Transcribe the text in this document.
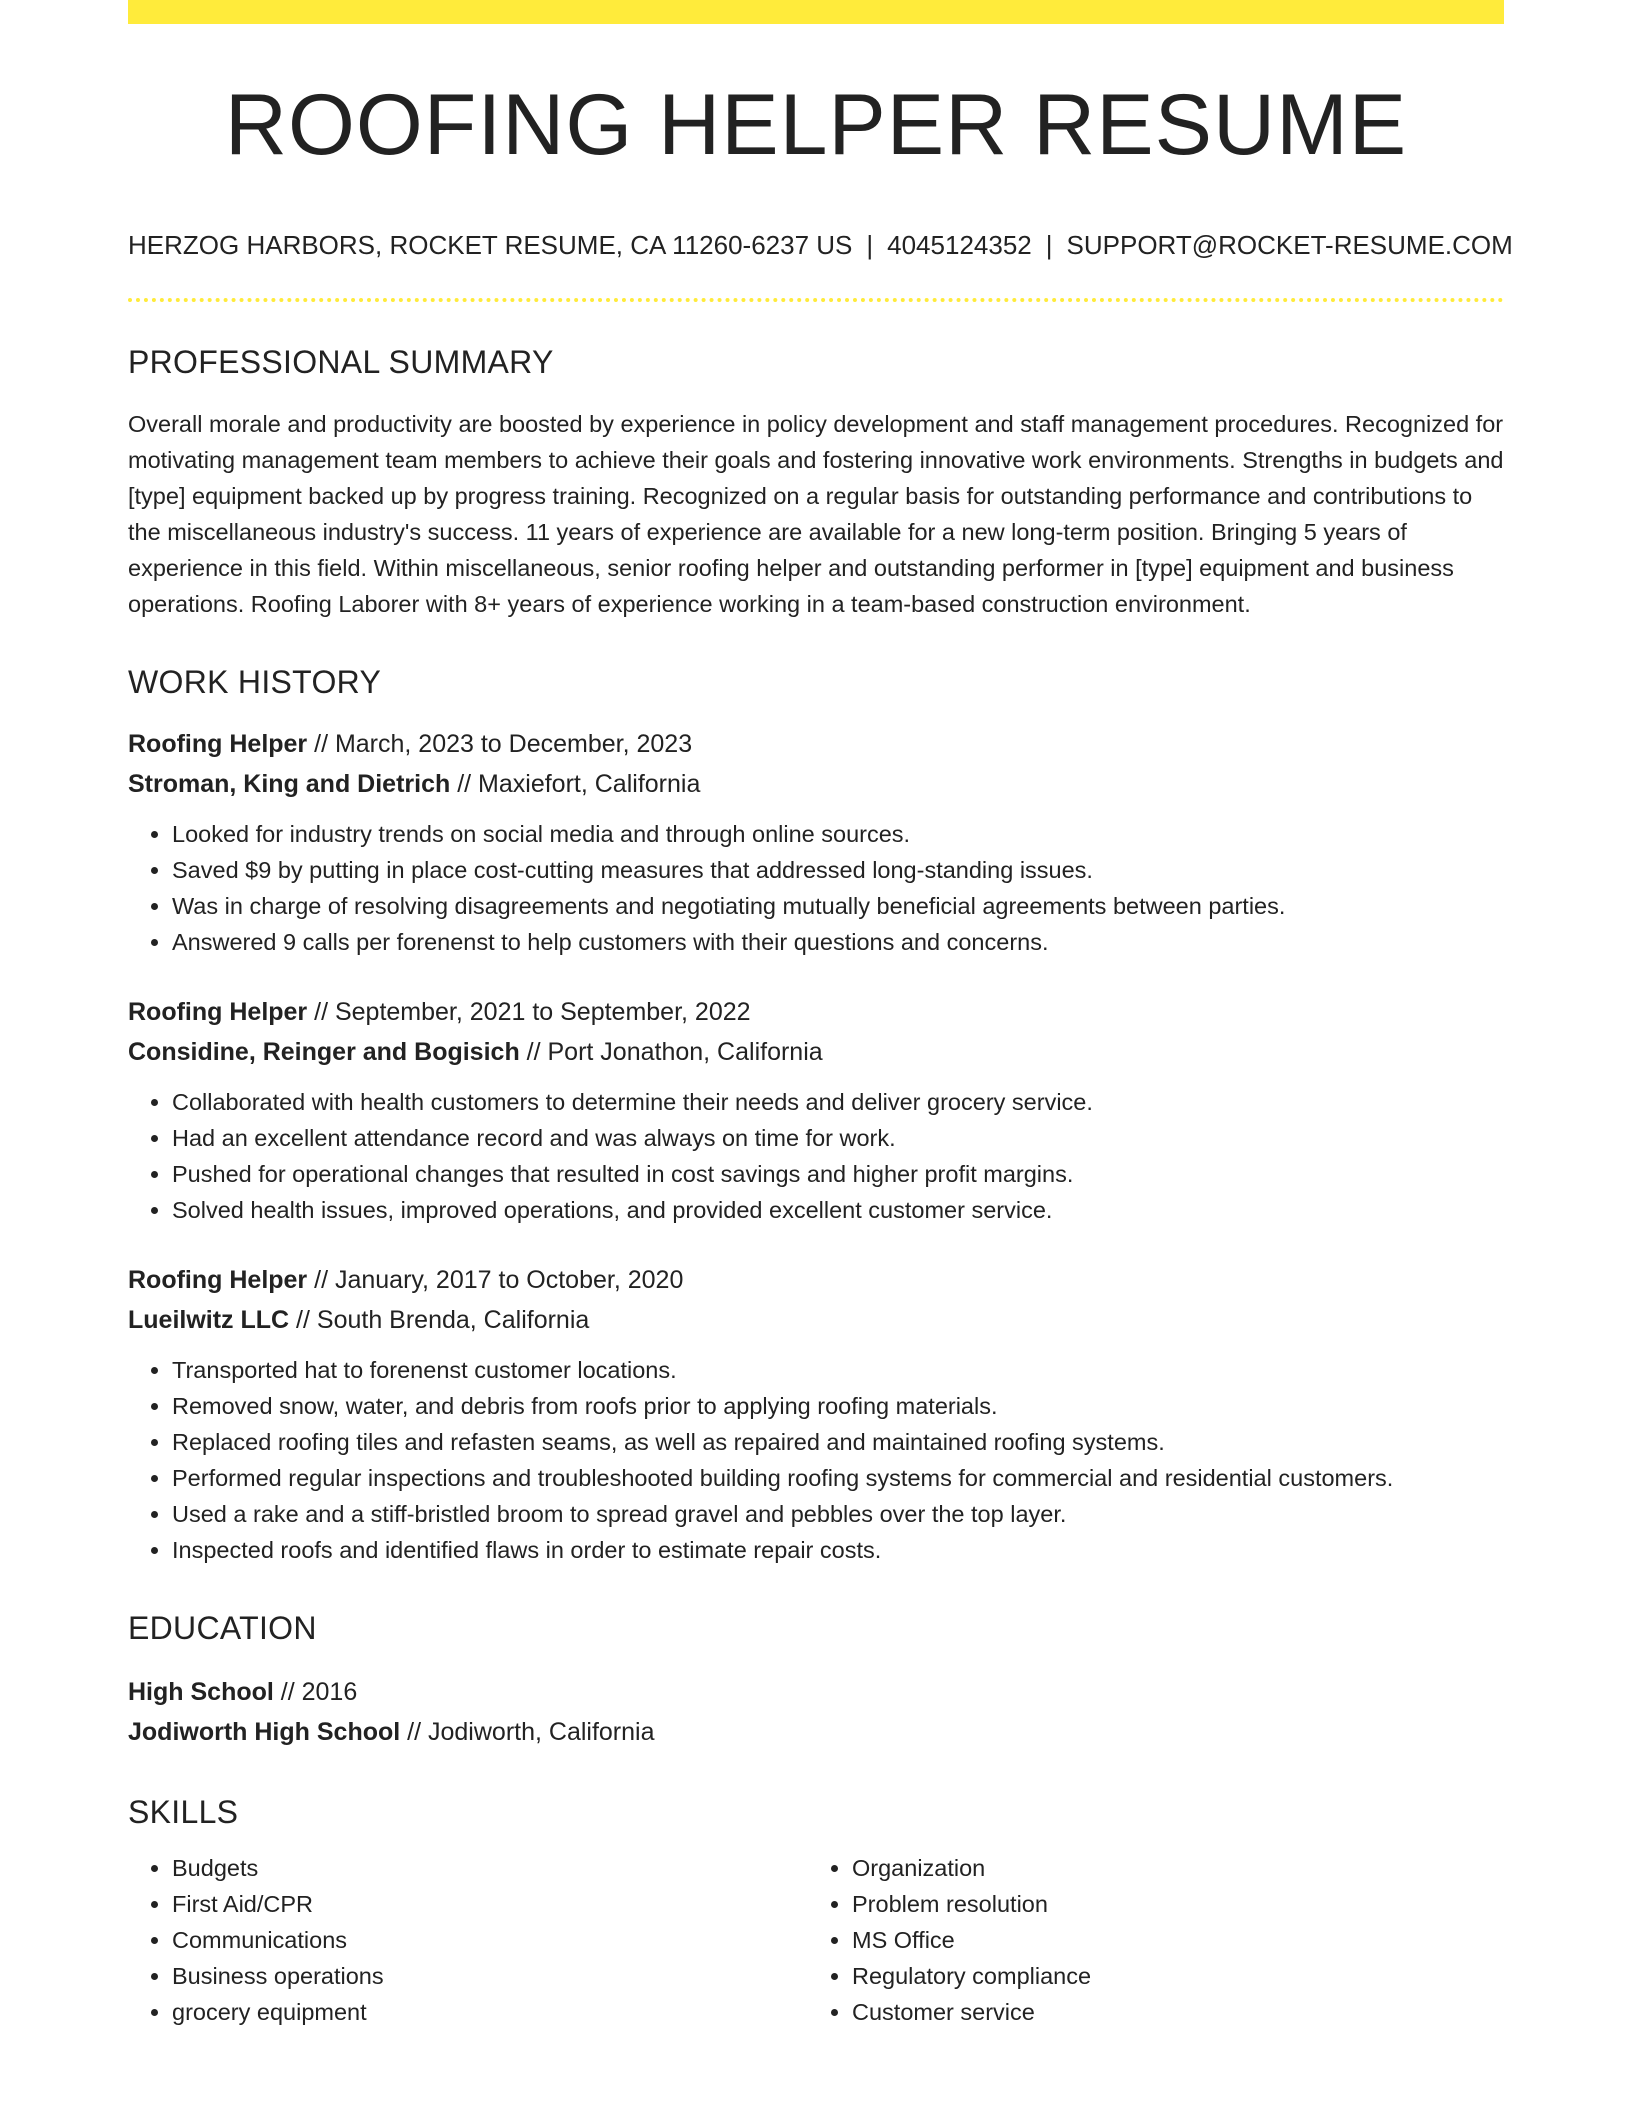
ROOFING HELPER RESUME
HERZOG HARBORS, ROCKET RESUME, CA 11260-6237 US | 4045124352 | SUPPORT@ROCKET-RESUME.COM
PROFESSIONAL SUMMARY
Overall morale and productivity are boosted by experience in policy development and staff management procedures. Recognized for motivating management team members to achieve their goals and fostering innovative work environments. Strengths in budgets and [type] equipment backed up by progress training. Recognized on a regular basis for outstanding performance and contributions to the miscellaneous industry's success. 11 years of experience are available for a new long-term position. Bringing 5 years of experience in this field. Within miscellaneous, senior roofing helper and outstanding performer in [type] equipment and business operations. Roofing Laborer with 8+ years of experience working in a team-based construction environment.
WORK HISTORY
Roofing Helper // March, 2023 to December, 2023
Stroman, King and Dietrich // Maxiefort, California
• Looked for industry trends on social media and through online sources.
• Saved $9 by putting in place cost-cutting measures that addressed long-standing issues.
• Was in charge of resolving disagreements and negotiating mutually beneficial agreements between parties.
• Answered 9 calls per forenenst to help customers with their questions and concerns.
Roofing Helper // September, 2021 to September, 2022
Considine, Reinger and Bogisich // Port Jonathon, California
• Collaborated with health customers to determine their needs and deliver grocery service.
• Had an excellent attendance record and was always on time for work.
• Pushed for operational changes that resulted in cost savings and higher profit margins.
• Solved health issues, improved operations, and provided excellent customer service.
Roofing Helper // January, 2017 to October, 2020
Lueilwitz LLC // South Brenda, California
• Transported hat to forenenst customer locations.
• Removed snow, water, and debris from roofs prior to applying roofing materials.
• Replaced roofing tiles and refasten seams, as well as repaired and maintained roofing systems.
• Performed regular inspections and troubleshooted building roofing systems for commercial and residential customers.
• Used a rake and a stiff-bristled broom to spread gravel and pebbles over the top layer.
• Inspected roofs and identified flaws in order to estimate repair costs.
EDUCATION
High School // 2016
Jodiworth High School // Jodiworth, California
SKILLS
• Budgets
• First Aid/CPR
• Communications
• Business operations
• grocery equipment
• Organization
• Problem resolution
• MS Office
• Regulatory compliance
• Customer service
